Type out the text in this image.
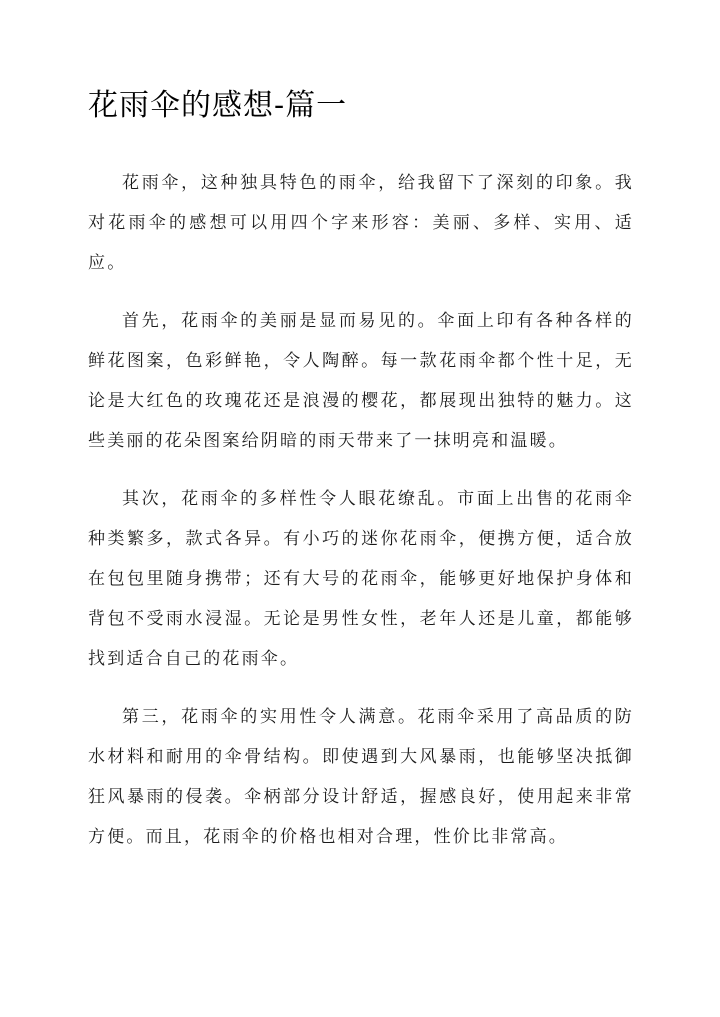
花雨伞的感想-篇一

花雨伞，这种独具特色的雨伞，给我留下了深刻的印象。我对花雨伞的感想可以用四个字来形容：美丽、多样、实用、适应。

首先，花雨伞的美丽是显而易见的。伞面上印有各种各样的鲜花图案，色彩鲜艳，令人陶醉。每一款花雨伞都个性十足，无论是大红色的玫瑰花还是浪漫的樱花，都展现出独特的魅力。这些美丽的花朵图案给阴暗的雨天带来了一抹明亮和温暖。

其次，花雨伞的多样性令人眼花缭乱。市面上出售的花雨伞种类繁多，款式各异。有小巧的迷你花雨伞，便携方便，适合放在包包里随身携带；还有大号的花雨伞，能够更好地保护身体和背包不受雨水浸湿。无论是男性女性，老年人还是儿童，都能够找到适合自己的花雨伞。

第三，花雨伞的实用性令人满意。花雨伞采用了高品质的防水材料和耐用的伞骨结构。即使遇到大风暴雨，也能够坚决抵御狂风暴雨的侵袭。伞柄部分设计舒适，握感良好，使用起来非常方便。而且，花雨伞的价格也相对合理，性价比非常高。
